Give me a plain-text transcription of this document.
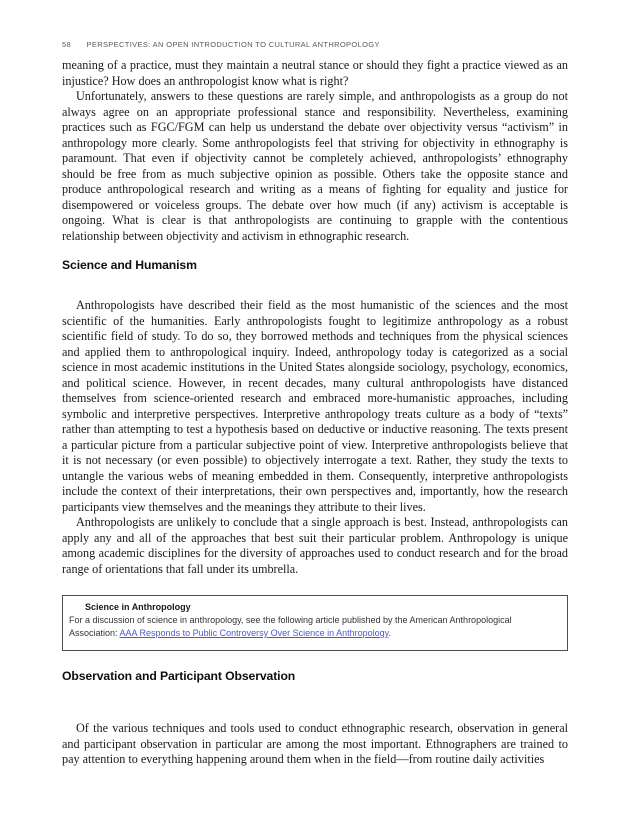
58 PERSPECTIVES: AN OPEN INTRODUCTION TO CULTURAL ANTHROPOLOGY

meaning of a practice, must they maintain a neutral stance or should they fight a practice viewed as an injustice? How does an anthropologist know what is right?

Unfortunately, answers to these questions are rarely simple, and anthropologists as a group do not always agree on an appropriate professional stance and responsibility. Nevertheless, examining practices such as FGC/FGM can help us understand the debate over objectivity versus “activism” in anthropology more clearly. Some anthropologists feel that striving for objectivity in ethnography is paramount. That even if objectivity cannot be completely achieved, anthropologists’ ethnography should be free from as much subjective opinion as possible. Others take the opposite stance and produce anthropological research and writing as a means of fighting for equality and justice for disempowered or voiceless groups. The debate over how much (if any) activism is acceptable is ongoing. What is clear is that anthropologists are continuing to grapple with the contentious relationship between objectivity and activism in ethnographic research.

Science and Humanism

Anthropologists have described their field as the most humanistic of the sciences and the most scientific of the humanities. Early anthropologists fought to legitimize anthropology as a robust scientific field of study. To do so, they borrowed methods and techniques from the physical sciences and applied them to anthropological inquiry. Indeed, anthropology today is categorized as a social science in most academic institutions in the United States alongside sociology, psychology, economics, and political science. However, in recent decades, many cultural anthropologists have distanced themselves from science-oriented research and embraced more-humanistic approaches, including symbolic and interpretive perspectives. Interpretive anthropology treats culture as a body of “texts” rather than attempting to test a hypothesis based on deductive or inductive reasoning. The texts present a particular picture from a particular subjective point of view. Interpretive anthropologists believe that it is not necessary (or even possible) to objectively interrogate a text. Rather, they study the texts to untangle the various webs of meaning embedded in them. Consequently, interpretive anthropologists include the context of their interpretations, their own perspectives and, importantly, how the research participants view themselves and the meanings they attribute to their lives.

Anthropologists are unlikely to conclude that a single approach is best. Instead, anthropologists can apply any and all of the approaches that best suit their particular problem. Anthropology is unique among academic disciplines for the diversity of approaches used to conduct research and for the broad range of orientations that fall under its umbrella.

Science in Anthropology

For a discussion of science in anthropology, see the following article published by the American Anthropological Association: AAA Responds to Public Controversy Over Science in Anthropology.

Observation and Participant Observation

Of the various techniques and tools used to conduct ethnographic research, observation in general and participant observation in particular are among the most important. Ethnographers are trained to pay attention to everything happening around them when in the field—from routine daily activities
